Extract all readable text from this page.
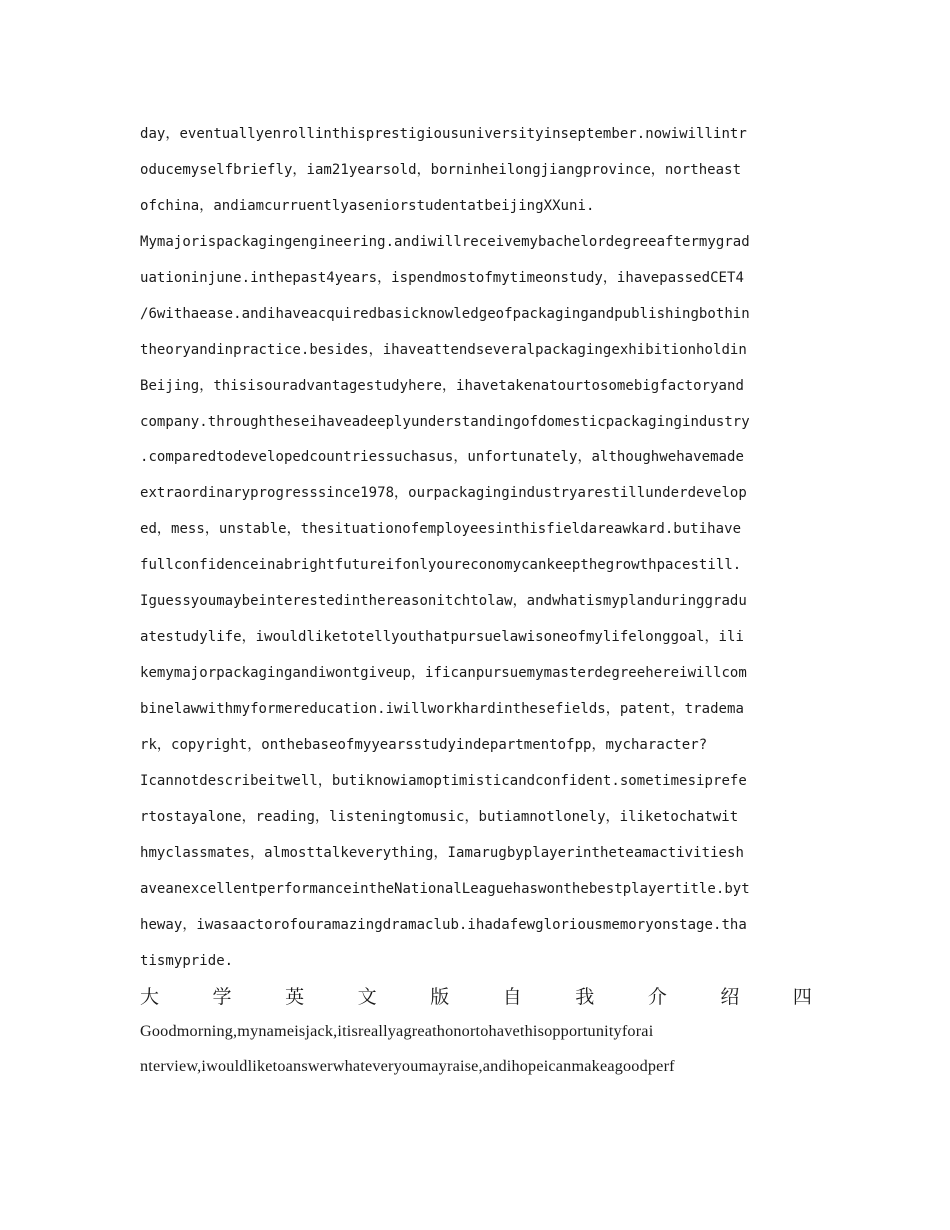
day，eventuallyenrollinthisprestigiousuniversityinseptember.nowiwillintr
oducemyselfbriefly，iam21yearsold，borninheilongjiangprovince，northeast
ofchina，andiamcurruentlyaseniorstudentatbeijingXXuni.
Mymajorispackagingengineering.andiwillreceivemybachelordegreeaftermygrad
uationinjune.inthepast4years，ispendmostofmytimeonstudy，ihavepassedCET4
/6withaease.andihaveacquiredbasicknowledgeofpackagingandpublishingbothin
theoryandinpractice.besides，ihaveattendseveralpackagingexhibitionholdin
Beijing，thisisouradvantagestudyhere，ihavetakenatourtosomebigfactoryand
company.throughtheseihaveadeeplyunderstandingofdomesticpackagingindustry
.comparedtodevelopedcountriessuchasus，unfortunately，althoughwehavemade
extraordinaryprogresssince1978，ourpackagingindustryarestillunderdevelop
ed，mess，unstable，thesituationofemployeesinthisfieldareawkard.butihave
fullconfidenceinabrightfutureifonlyoureconomycankeepthegrowthpacestill.
Iguessyoumaybeinterestedinthereasonitchtolaw，andwhatismyplanduringgradu
atestudylife，iwouldliketotellyouthatpursuelawisoneofmylifelonggoal，ili
kemymajorpackagingandiwontgiveup，ificanpursuemymasterdegreehereiwillcom
binelawwithmyformereducation.iwillworkhardinthesefields，patent，tradema
rk，copyright，onthebaseofmyyearsstudyindepartmentofpp，mycharacter?
Icannotdescribeitwell，butiknowiamoptimisticandconfident.sometimesiprefe
rtostayalone，reading，listeningtomusic，butiamnotlonely，iliketochatwit
hmyclassmates，almosttalkeverything，Iamarugbyplayerintheteamactivitiesh
aveanexcellentperformanceintheNationalLeaguehaswonthebestplayertitle.byt
heway，iwasaactorofouramazingdramaclub.ihadafewgloriousmemoryonstage.tha
tismypride.
大	学	英	文	版	自	我	介	绍	四
Goodmorning,mynameisjack,itisreallyagreathonortohavethisopportunityforai
nterview,iwouldliketoanswerwhateveryoumayraise,andihopeicanmakeagoodperf
